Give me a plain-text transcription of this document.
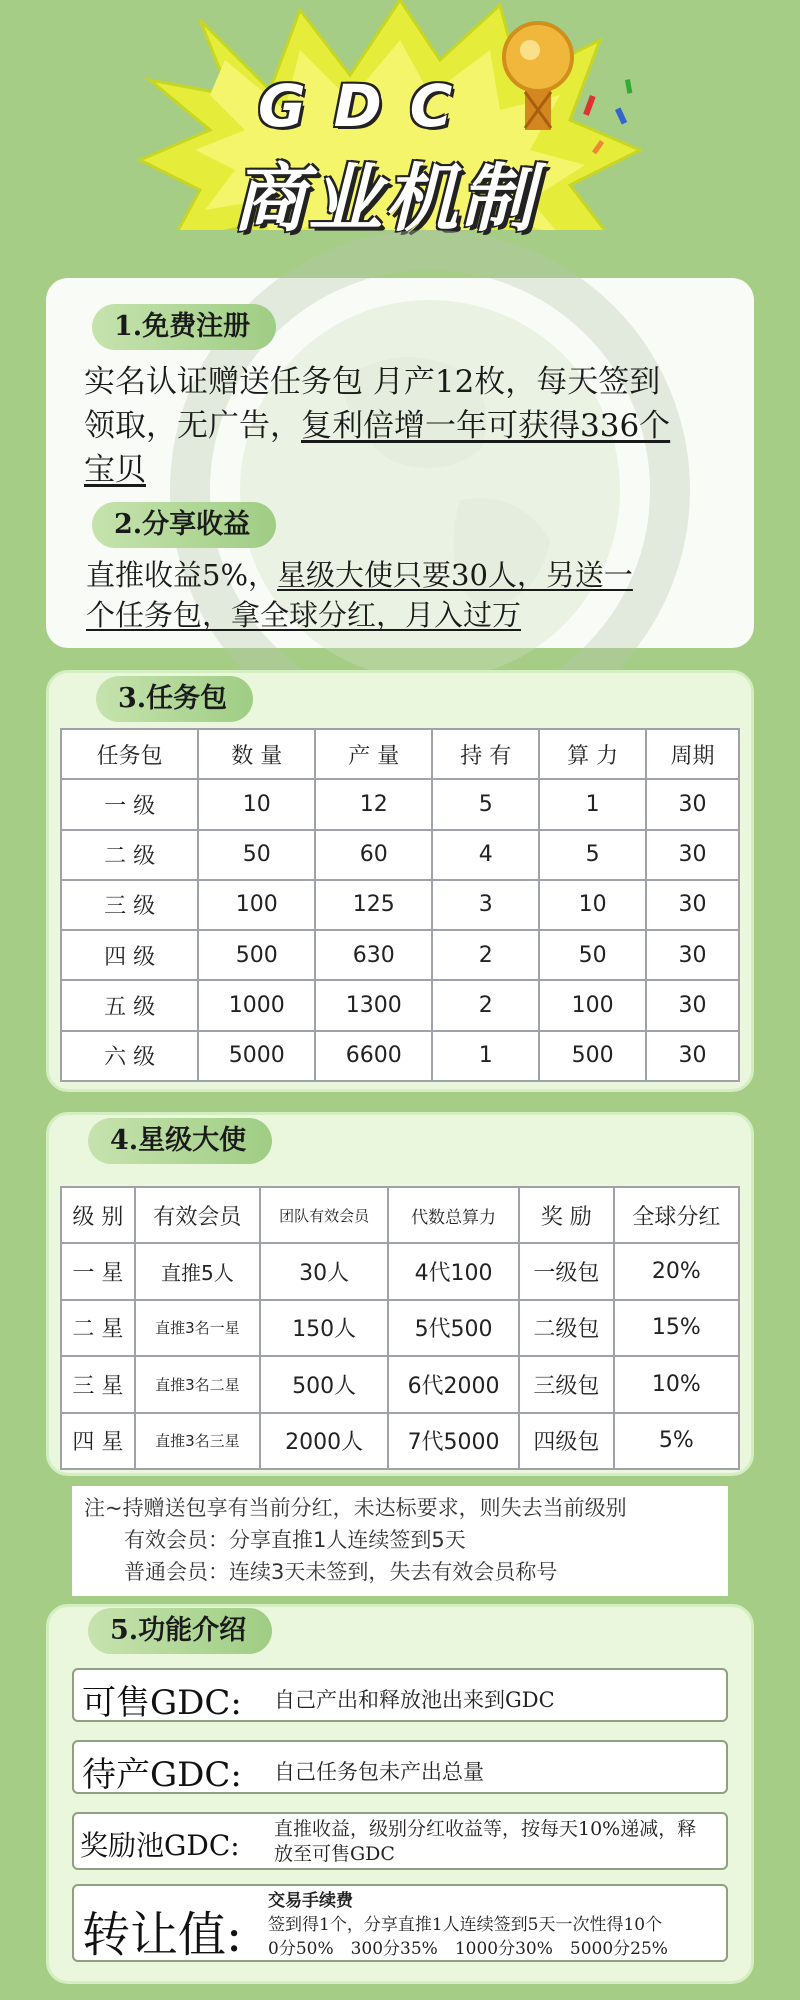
GDC
商业机制
1.免费注册
实名认证赠送任务包 月产12枚，每天签到领取，无广告，复利倍增一年可获得336个宝贝
2.分享收益
直推收益5%，星级大使只要30人，另送一个任务包，拿全球分红，月入过万
3.任务包
任务包	数 量	产 量	持 有	算 力	周期
一 级	10	12	5	1	30
二 级	50	60	4	5	30
三 级	100	125	3	10	30
四 级	500	630	2	50	30
五 级	1000	1300	2	100	30
六 级	5000	6600	1	500	30
4.星级大使
级 别	有效会员	团队有效会员	代数总算力	奖 励	全球分红
一 星	直推5人	30人	4代100	一级包	20%
二 星	直推3名一星	150人	5代500	二级包	15%
三 星	直推3名二星	500人	6代2000	三级包	10%
四 星	直推3名三星	2000人	7代5000	四级包	5%
注~持赠送包享有当前分红，未达标要求，则失去当前级别
有效会员：分享直推1人连续签到5天
普通会员：连续3天未签到，失去有效会员称号
5.功能介绍
可售GDC: 自己产出和释放池出来到GDC
待产GDC: 自己任务包未产出总量
奖励池GDC: 直推收益，级别分红收益等，按每天10%递减，释放至可售GDC
转让值:
交易手续费
签到得1个，分享直推1人连续签到5天一次性得10个
0分50%　300分35%　1000分30%　5000分25%
